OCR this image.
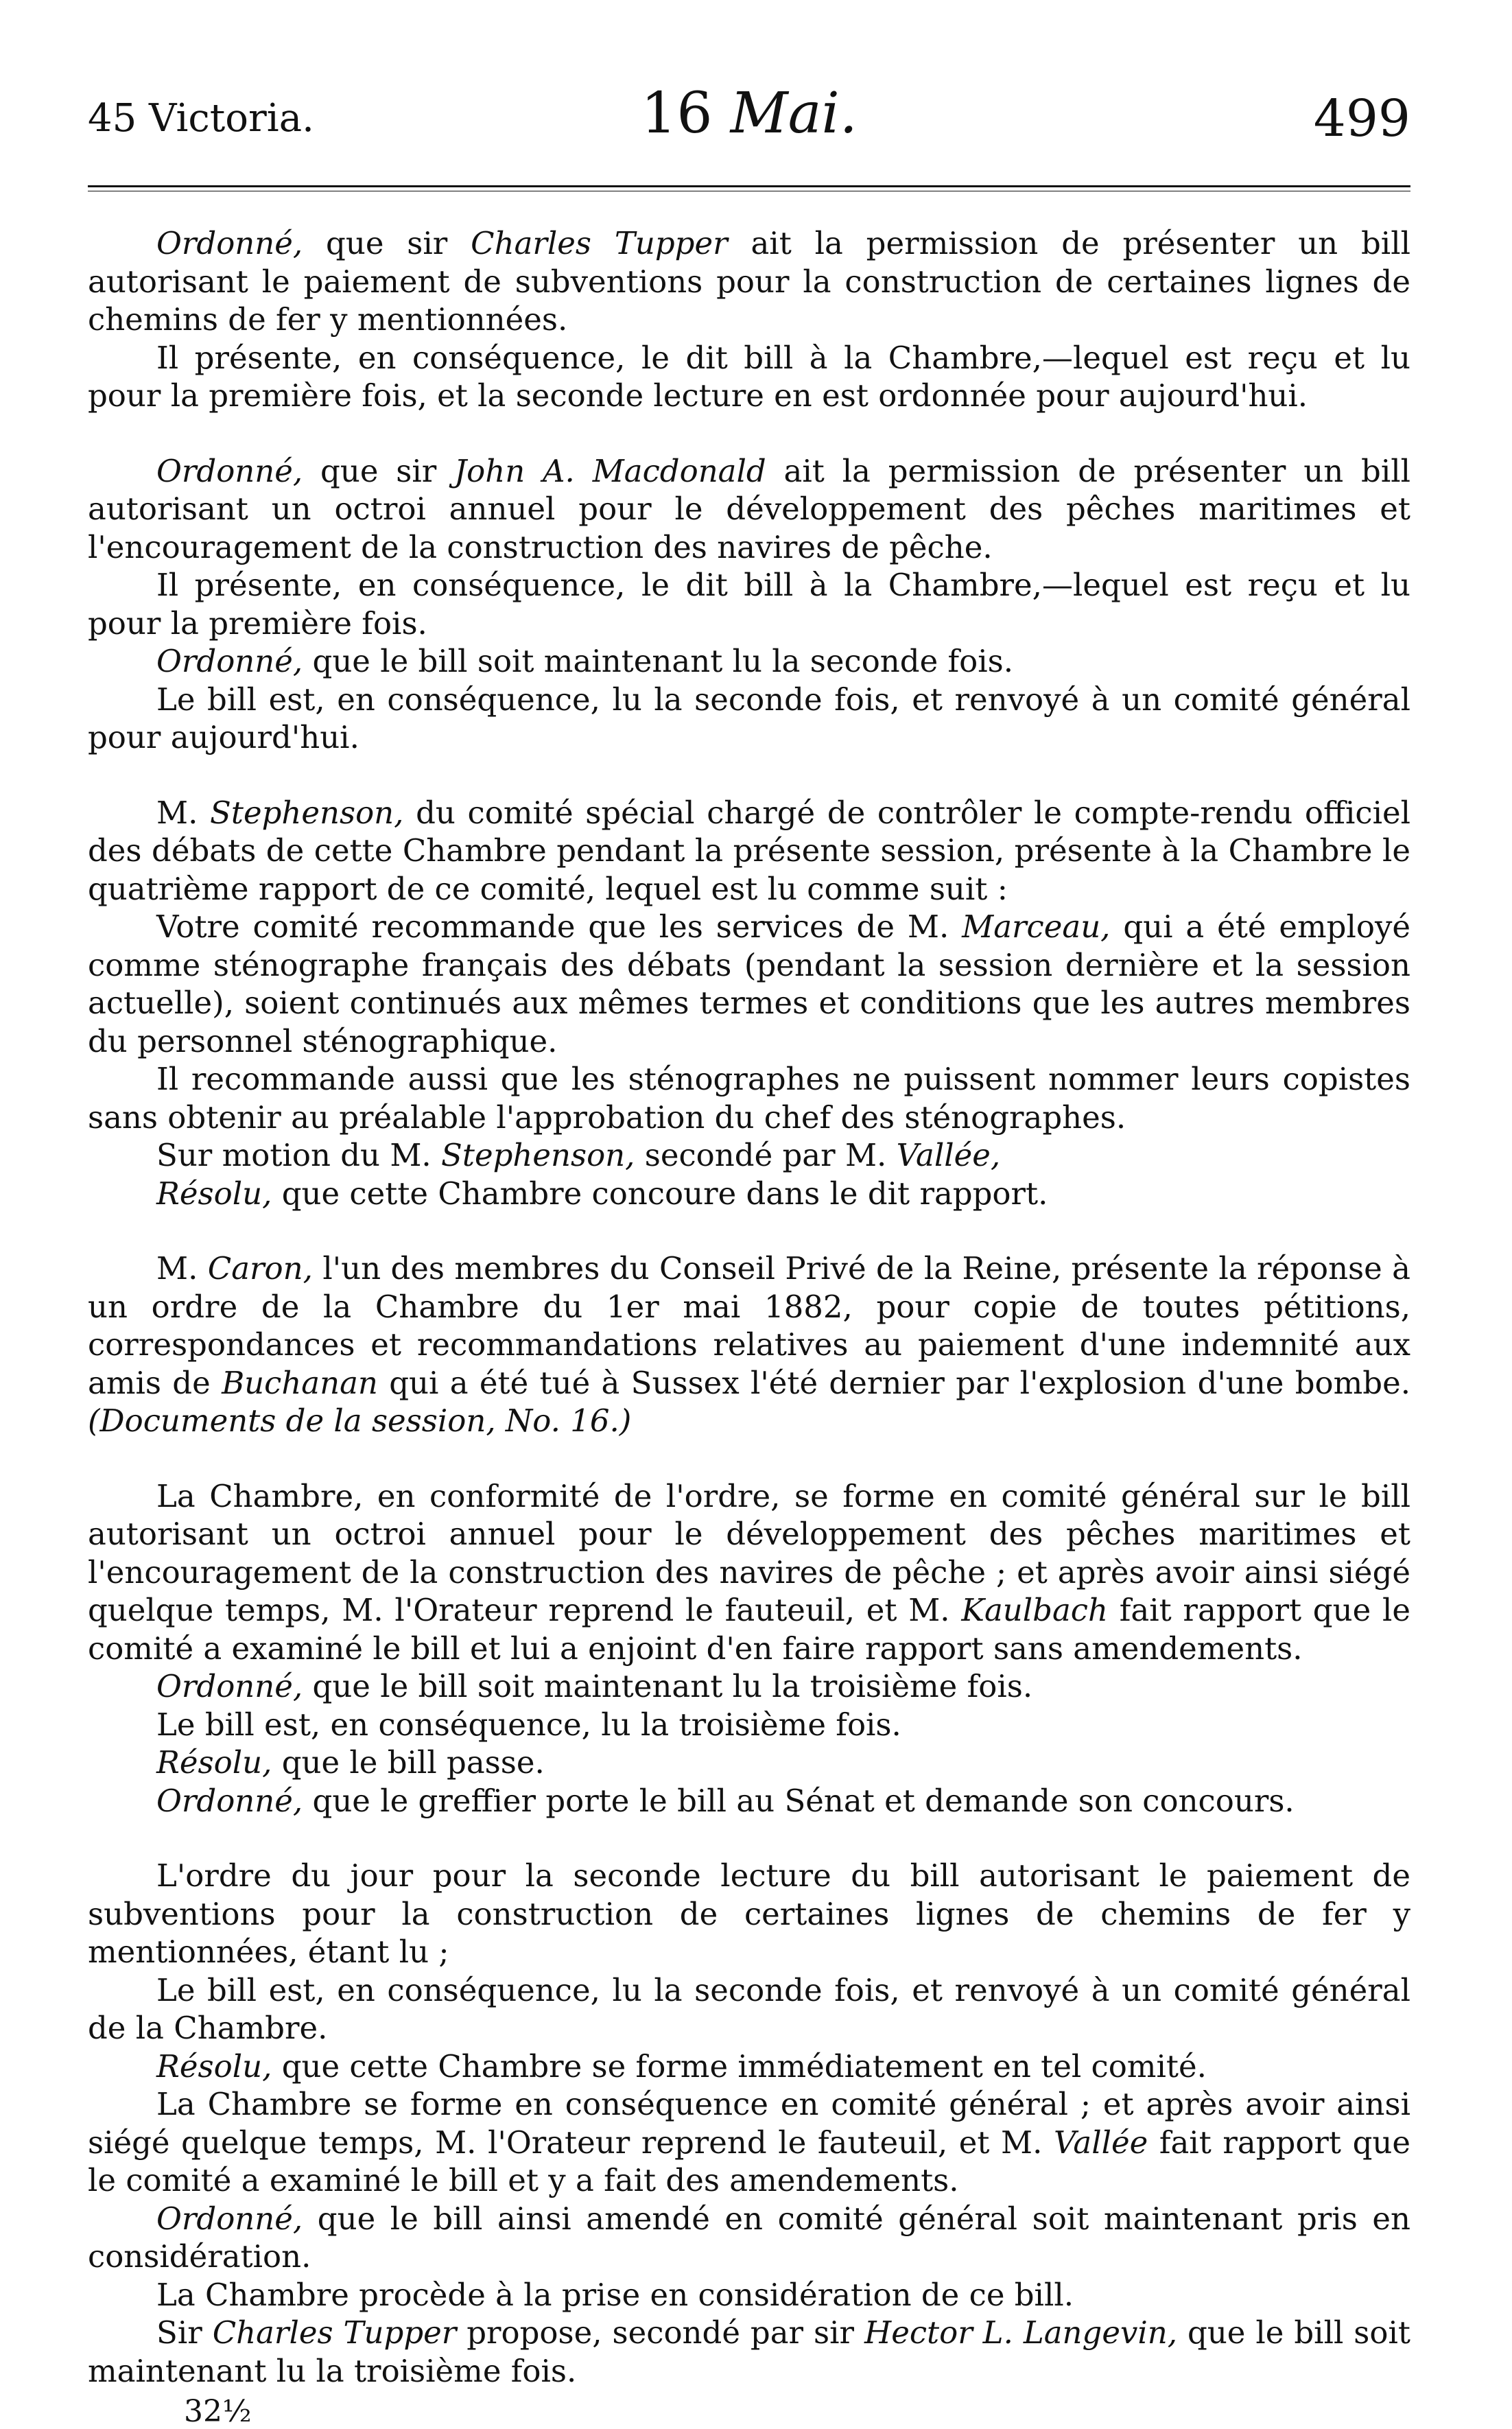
45 Victoria.	16 Mai.	499

Ordonné, que sir Charles Tupper ait la permission de présenter un bill autorisant le paiement de subventions pour la construction de certaines lignes de chemins de fer y mentionnées.

Il présente, en conséquence, le dit bill à la Chambre,—lequel est reçu et lu pour la première fois, et la seconde lecture en est ordonnée pour aujourd'hui.

Ordonné, que sir John A. Macdonald ait la permission de présenter un bill autorisant un octroi annuel pour le développement des pêches maritimes et l'encouragement de la construction des navires de pêche.

Il présente, en conséquence, le dit bill à la Chambre,—lequel est reçu et lu pour la première fois.

Ordonné, que le bill soit maintenant lu la seconde fois.

Le bill est, en conséquence, lu la seconde fois, et renvoyé à un comité général pour aujourd'hui.

M. Stephenson, du comité spécial chargé de contrôler le compte-rendu officiel des débats de cette Chambre pendant la présente session, présente à la Chambre le quatrième rapport de ce comité, lequel est lu comme suit :

Votre comité recommande que les services de M. Marceau, qui a été employé comme sténographe français des débats (pendant la session dernière et la session actuelle), soient continués aux mêmes termes et conditions que les autres membres du personnel sténographique.

Il recommande aussi que les sténographes ne puissent nommer leurs copistes sans obtenir au préalable l'approbation du chef des sténographes.

Sur motion du M. Stephenson, secondé par M. Vallée,

Résolu, que cette Chambre concoure dans le dit rapport.

M. Caron, l'un des membres du Conseil Privé de la Reine, présente la réponse à un ordre de la Chambre du 1er mai 1882, pour copie de toutes pétitions, correspondances et recommandations relatives au paiement d'une indemnité aux amis de Buchanan qui a été tué à Sussex l'été dernier par l'explosion d'une bombe. (Documents de la session, No. 16.)

La Chambre, en conformité de l'ordre, se forme en comité général sur le bill autorisant un octroi annuel pour le développement des pêches maritimes et l'encouragement de la construction des navires de pêche ; et après avoir ainsi siégé quelque temps, M. l'Orateur reprend le fauteuil, et M. Kaulbach fait rapport que le comité a examiné le bill et lui a enjoint d'en faire rapport sans amendements.

Ordonné, que le bill soit maintenant lu la troisième fois.

Le bill est, en conséquence, lu la troisième fois.

Résolu, que le bill passe.

Ordonné, que le greffier porte le bill au Sénat et demande son concours.

L'ordre du jour pour la seconde lecture du bill autorisant le paiement de subventions pour la construction de certaines lignes de chemins de fer y mentionnées, étant lu ;

Le bill est, en conséquence, lu la seconde fois, et renvoyé à un comité général de la Chambre.

Résolu, que cette Chambre se forme immédiatement en tel comité.

La Chambre se forme en conséquence en comité général ; et après avoir ainsi siégé quelque temps, M. l'Orateur reprend le fauteuil, et M. Vallée fait rapport que le comité a examiné le bill et y a fait des amendements.

Ordonné, que le bill ainsi amendé en comité général soit maintenant pris en considération.

La Chambre procède à la prise en considération de ce bill.

Sir Charles Tupper propose, secondé par sir Hector L. Langevin, que le bill soit maintenant lu la troisième fois.

32½
